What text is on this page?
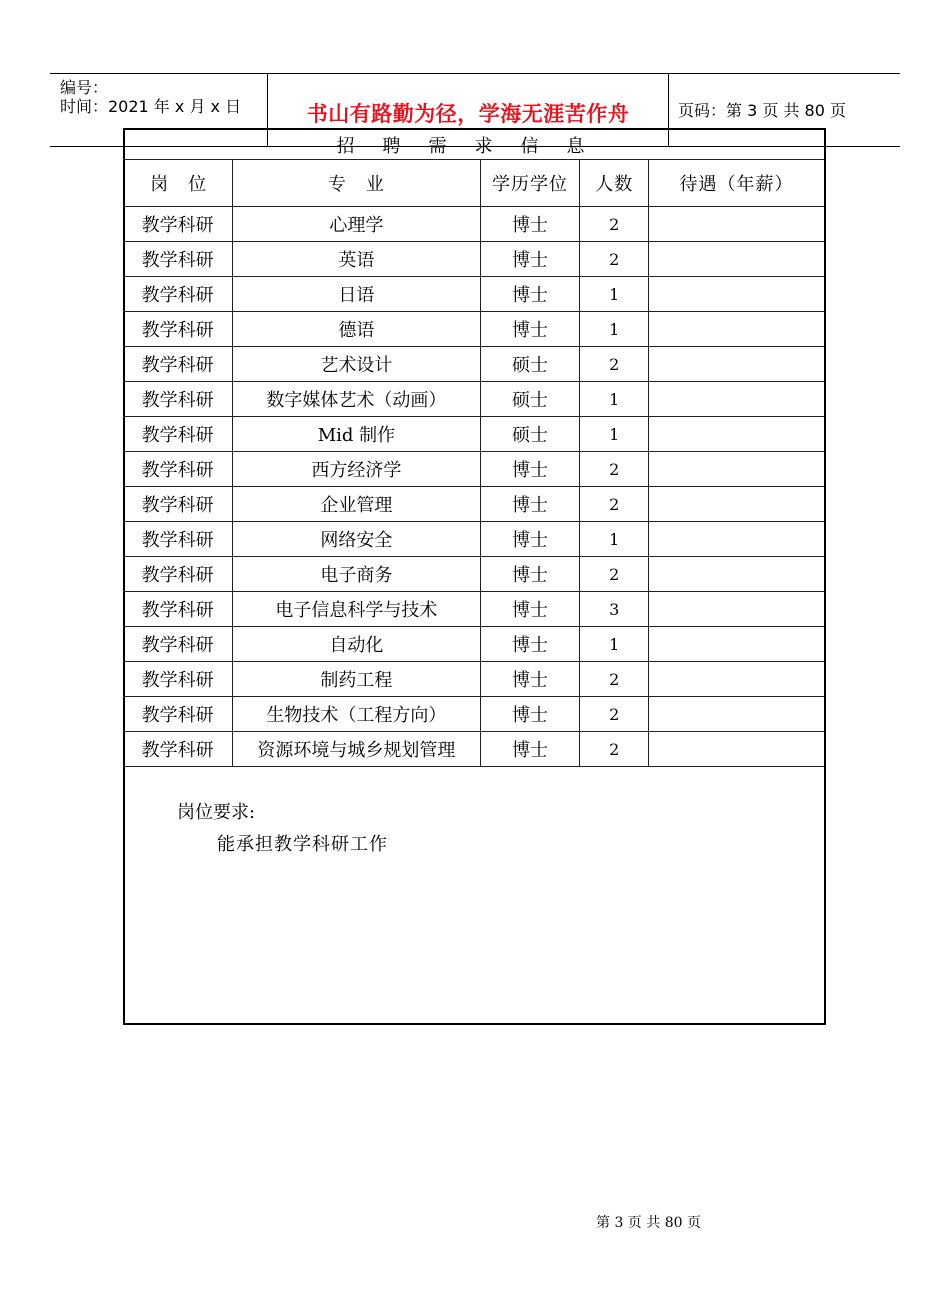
编号：
时间：2021 年 x 月 x 日	书山有路勤为径，学海无涯苦作舟	页码：第 3 页 共 80 页
招聘需求信息				
岗　位	专　业	学历学位	人数	待遇（年薪）
教学科研	心理学	博士	2	
教学科研	英语	博士	2	
教学科研	日语	博士	1	
教学科研	德语	博士	1	
教学科研	艺术设计	硕士	2	
教学科研	数字媒体艺术（动画）	硕士	1	
教学科研	Mid 制作	硕士	1	
教学科研	西方经济学	博士	2	
教学科研	企业管理	博士	2	
教学科研	网络安全	博士	1	
教学科研	电子商务	博士	2	
教学科研	电子信息科学与技术	博士	3	
教学科研	自动化	博士	1	
教学科研	制药工程	博士	2	
教学科研	生物技术（工程方向）	博士	2	
教学科研	资源环境与城乡规划管理	博士	2	
岗位要求:
能承担教学科研工作
第 3 页 共 80 页
